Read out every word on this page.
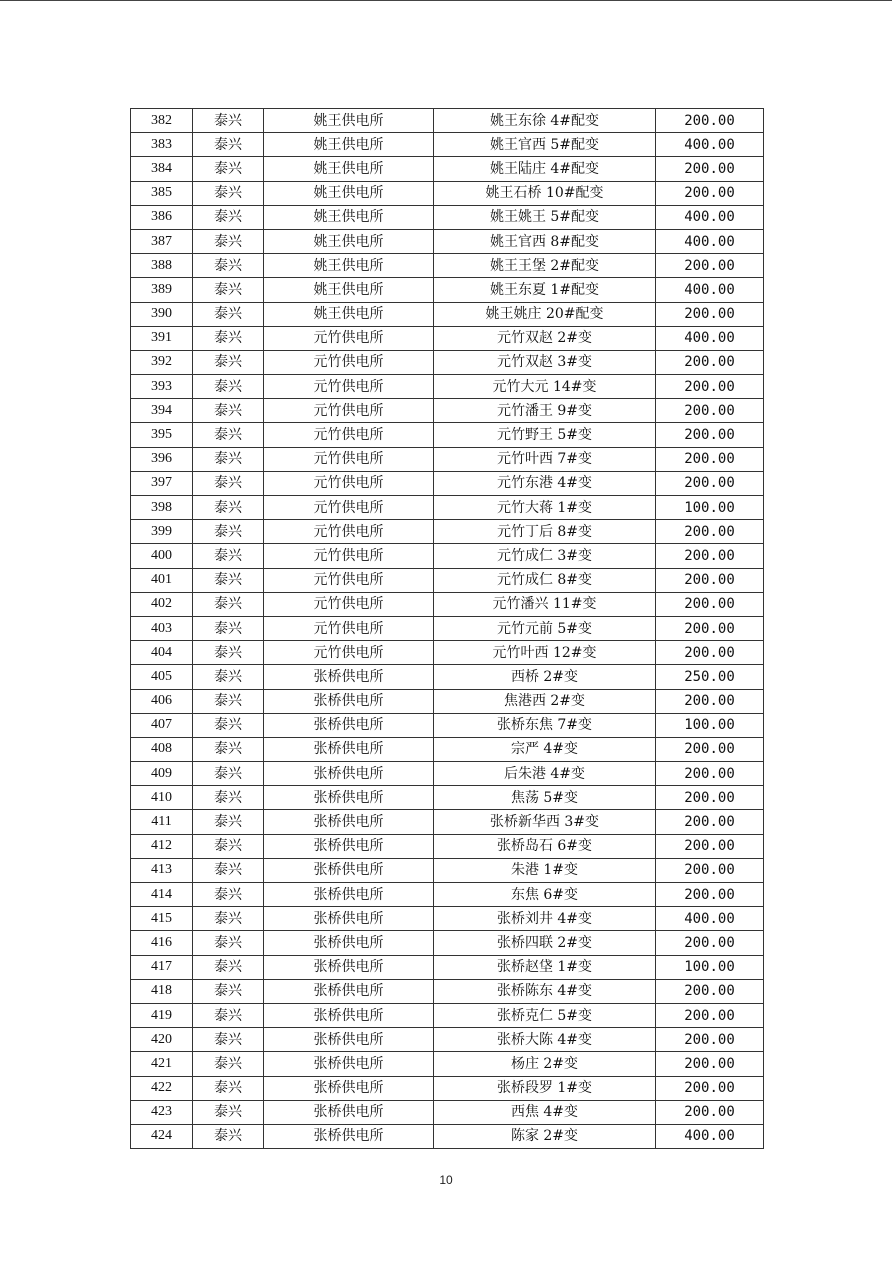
382	泰兴	姚王供电所	姚王东徐 4#配变	200.00
383	泰兴	姚王供电所	姚王官西 5#配变	400.00
384	泰兴	姚王供电所	姚王陆庄 4#配变	200.00
385	泰兴	姚王供电所	姚王石桥 10#配变	200.00
386	泰兴	姚王供电所	姚王姚王 5#配变	400.00
387	泰兴	姚王供电所	姚王官西 8#配变	400.00
388	泰兴	姚王供电所	姚王王堡 2#配变	200.00
389	泰兴	姚王供电所	姚王东夏 1#配变	400.00
390	泰兴	姚王供电所	姚王姚庄 20#配变	200.00
391	泰兴	元竹供电所	元竹双赵 2#变	400.00
392	泰兴	元竹供电所	元竹双赵 3#变	200.00
393	泰兴	元竹供电所	元竹大元 14#变	200.00
394	泰兴	元竹供电所	元竹潘王 9#变	200.00
395	泰兴	元竹供电所	元竹野王 5#变	200.00
396	泰兴	元竹供电所	元竹叶西 7#变	200.00
397	泰兴	元竹供电所	元竹东港 4#变	200.00
398	泰兴	元竹供电所	元竹大蒋 1#变	100.00
399	泰兴	元竹供电所	元竹丁后 8#变	200.00
400	泰兴	元竹供电所	元竹成仁 3#变	200.00
401	泰兴	元竹供电所	元竹成仁 8#变	200.00
402	泰兴	元竹供电所	元竹潘兴 11#变	200.00
403	泰兴	元竹供电所	元竹元前 5#变	200.00
404	泰兴	元竹供电所	元竹叶西 12#变	200.00
405	泰兴	张桥供电所	西桥 2#变	250.00
406	泰兴	张桥供电所	焦港西 2#变	200.00
407	泰兴	张桥供电所	张桥东焦 7#变	100.00
408	泰兴	张桥供电所	宗严 4#变	200.00
409	泰兴	张桥供电所	后朱港 4#变	200.00
410	泰兴	张桥供电所	焦荡 5#变	200.00
411	泰兴	张桥供电所	张桥新华西 3#变	200.00
412	泰兴	张桥供电所	张桥岛石 6#变	200.00
413	泰兴	张桥供电所	朱港 1#变	200.00
414	泰兴	张桥供电所	东焦 6#变	200.00
415	泰兴	张桥供电所	张桥刘井 4#变	400.00
416	泰兴	张桥供电所	张桥四联 2#变	200.00
417	泰兴	张桥供电所	张桥赵垡 1#变	100.00
418	泰兴	张桥供电所	张桥陈东 4#变	200.00
419	泰兴	张桥供电所	张桥克仁 5#变	200.00
420	泰兴	张桥供电所	张桥大陈 4#变	200.00
421	泰兴	张桥供电所	杨庄 2#变	200.00
422	泰兴	张桥供电所	张桥段罗 1#变	200.00
423	泰兴	张桥供电所	西焦 4#变	200.00
424	泰兴	张桥供电所	陈家 2#变	400.00
10
